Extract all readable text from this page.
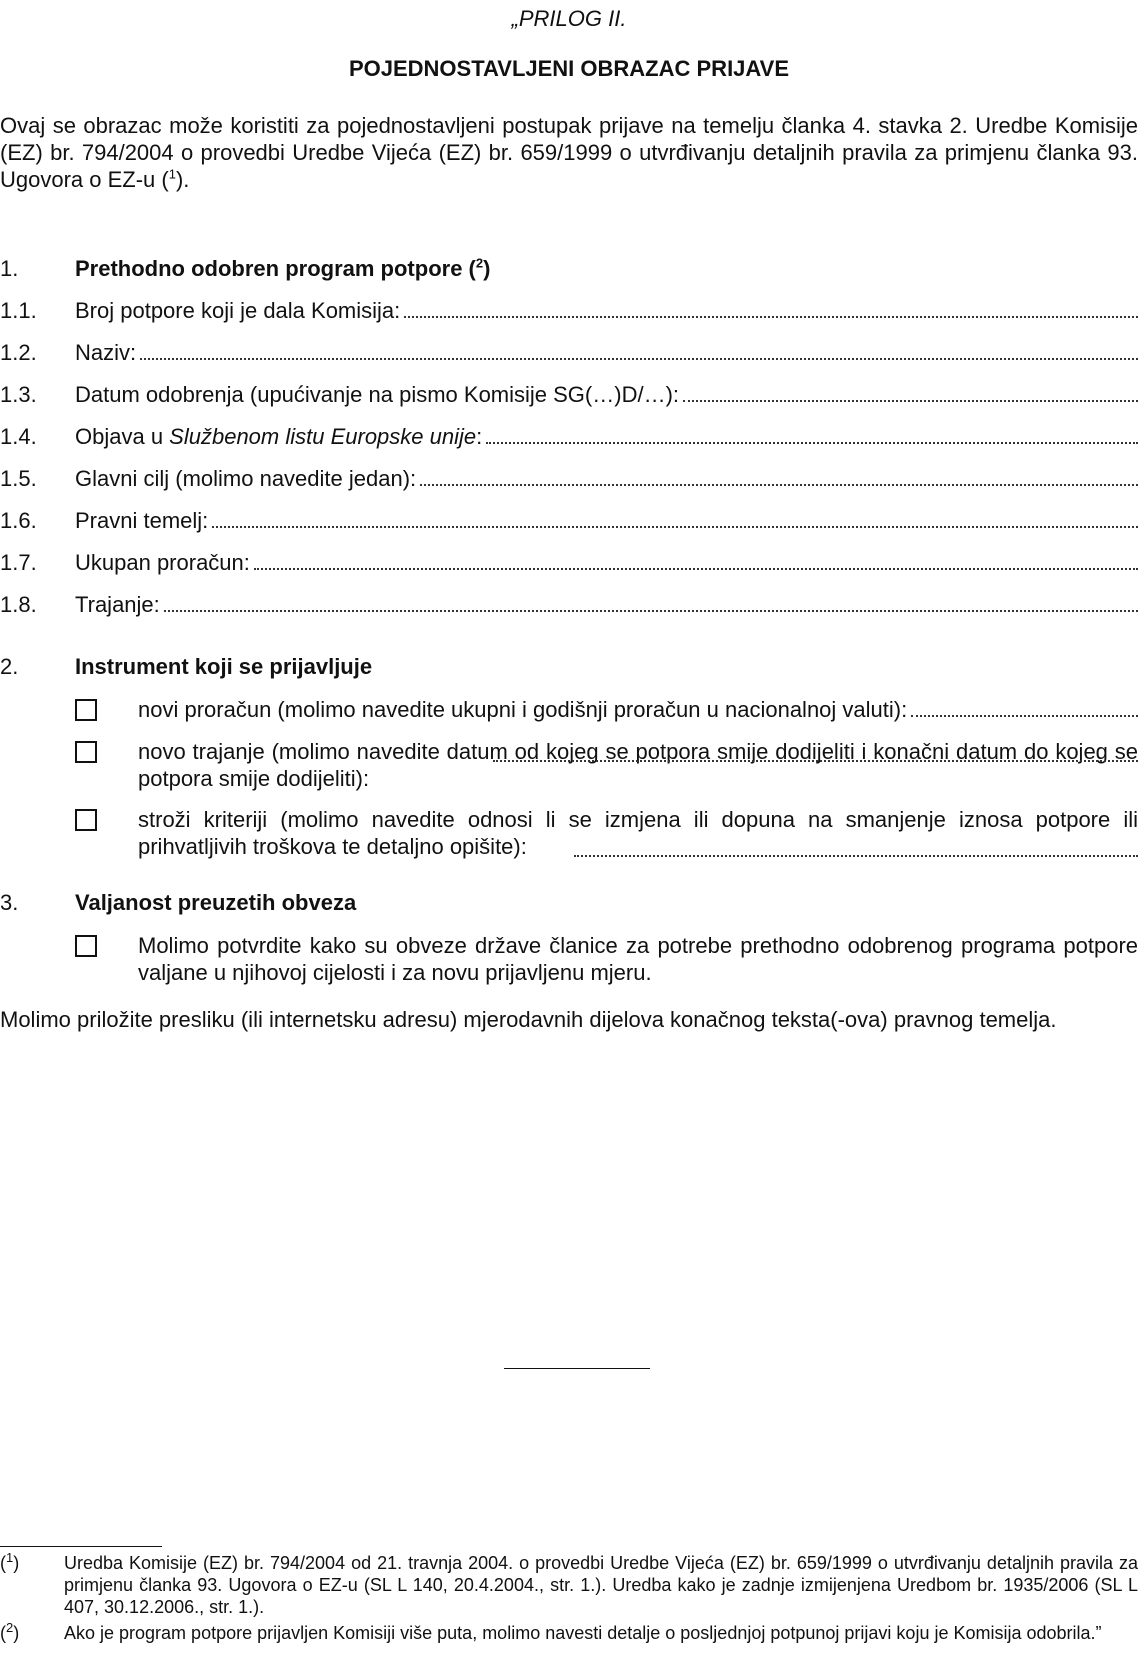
„PRILOG II.
POJEDNOSTAVLJENI OBRAZAC PRIJAVE
Ovaj se obrazac može koristiti za pojednostavljeni postupak prijave na temelju članka 4. stavka 2. Uredbe Komisije (EZ) br. 794/2004 o provedbi Uredbe Vijeća (EZ) br. 659/1999 o utvrđivanju detaljnih pravila za primjenu članka 93. Ugovora o EZ-u ($^1$).
1.	Prethodno odobren program potpore ($^2$)
1.1. Broj potpore koji je dala Komisija:
1.2. Naziv:
1.3. Datum odobrenja (upućivanje na pismo Komisije SG(…)D/…):
1.4. Objava u Službenom listu Europske unije:
1.5. Glavni cilj (molimo navedite jedan):
1.6. Pravni temelj:
1.7. Ukupan proračun:
1.8. Trajanje:
2.	Instrument koji se prijavljuje
novi proračun (molimo navedite ukupni i godišnji proračun u nacionalnoj valuti):
novo trajanje (molimo navedite datum od kojeg se potpora smije dodijeliti i konačni datum do kojeg se potpora smije dodijeliti):
stroži kriteriji (molimo navedite odnosi li se izmjena ili dopuna na smanjenje iznosa potpore ili prihvatljivih troškova te detaljno opišite):
3.	Valjanost preuzetih obveza
Molimo potvrdite kako su obveze države članice za potrebe prethodno odobrenog programa potpore valjane u njihovoj cijelosti i za novu prijavljenu mjeru.
Molimo priložite presliku (ili internetsku adresu) mjerodavnih dijelova konačnog teksta(-ova) pravnog temelja.
($^1$) Uredba Komisije (EZ) br. 794/2004 od 21. travnja 2004. o provedbi Uredbe Vijeća (EZ) br. 659/1999 o utvrđivanju detaljnih pravila za primjenu članka 93. Ugovora o EZ-u (SL L 140, 20.4.2004., str. 1.). Uredba kako je zadnje izmijenjena Uredbom br. 1935/2006 (SL L 407, 30.12.2006., str. 1.).
($^2$) Ako je program potpore prijavljen Komisiji više puta, molimo navesti detalje o posljednjoj potpunoj prijavi koju je Komisija odobrila.”
